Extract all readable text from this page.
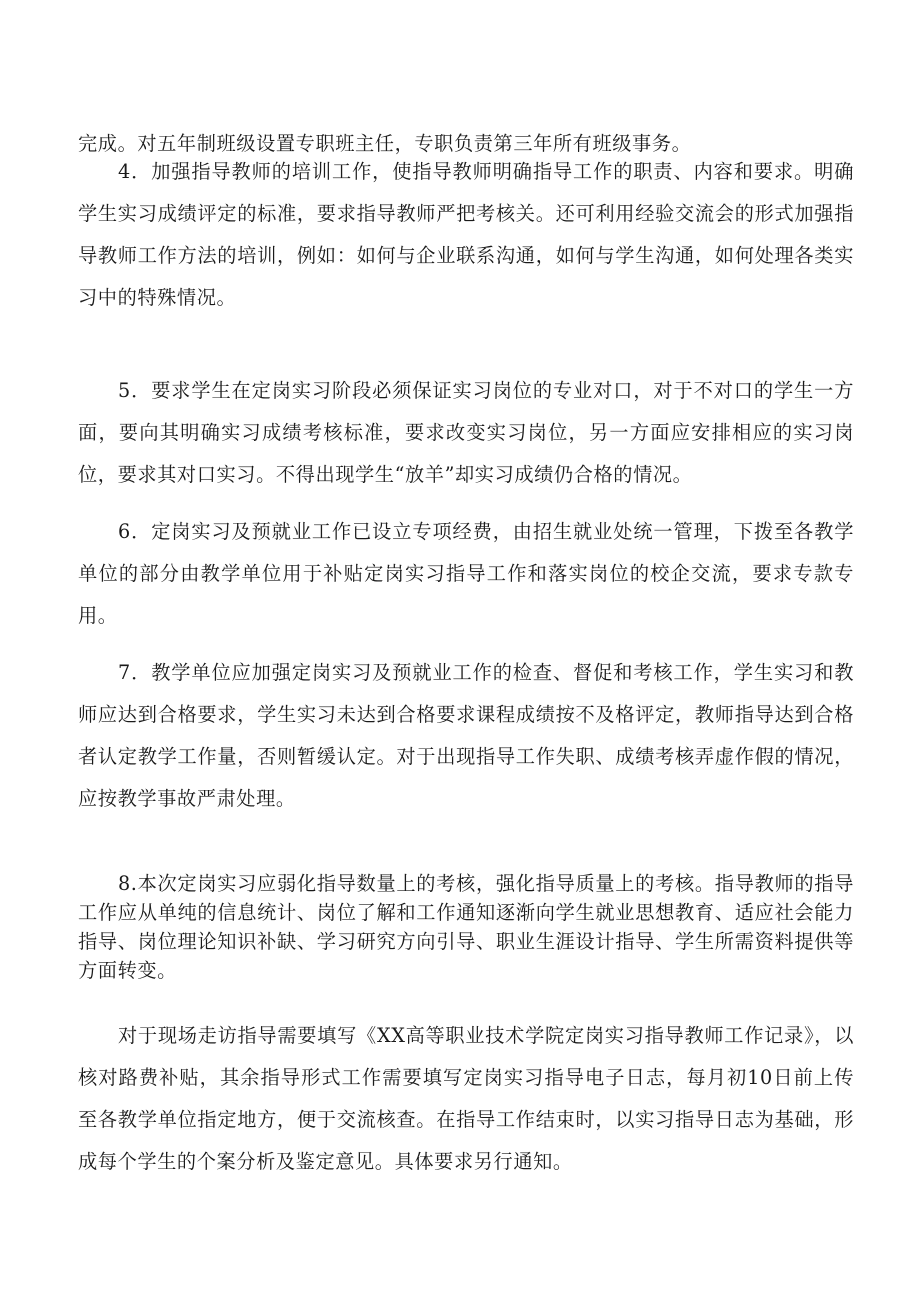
完成。对五年制班级设置专职班主任，专职负责第三年所有班级事务。

4．加强指导教师的培训工作，使指导教师明确指导工作的职责、内容和要求。明确学生实习成绩评定的标准，要求指导教师严把考核关。还可利用经验交流会的形式加强指导教师工作方法的培训，例如：如何与企业联系沟通，如何与学生沟通，如何处理各类实习中的特殊情况。

5．要求学生在定岗实习阶段必须保证实习岗位的专业对口，对于不对口的学生一方面，要向其明确实习成绩考核标准，要求改变实习岗位，另一方面应安排相应的实习岗位，要求其对口实习。不得出现学生“放羊”却实习成绩仍合格的情况。

6．定岗实习及预就业工作已设立专项经费，由招生就业处统一管理，下拨至各教学单位的部分由教学单位用于补贴定岗实习指导工作和落实岗位的校企交流，要求专款专用。

7．教学单位应加强定岗实习及预就业工作的检查、督促和考核工作，学生实习和教师应达到合格要求，学生实习未达到合格要求课程成绩按不及格评定，教师指导达到合格者认定教学工作量，否则暂缓认定。对于出现指导工作失职、成绩考核弄虚作假的情况，应按教学事故严肃处理。

8.本次定岗实习应弱化指导数量上的考核，强化指导质量上的考核。指导教师的指导工作应从单纯的信息统计、岗位了解和工作通知逐渐向学生就业思想教育、适应社会能力指导、岗位理论知识补缺、学习研究方向引导、职业生涯设计指导、学生所需资料提供等方面转变。

对于现场走访指导需要填写《XX高等职业技术学院定岗实习指导教师工作记录》，以核对路费补贴，其余指导形式工作需要填写定岗实习指导电子日志，每月初10日前上传至各教学单位指定地方，便于交流核查。在指导工作结束时，以实习指导日志为基础，形成每个学生的个案分析及鉴定意见。具体要求另行通知。
